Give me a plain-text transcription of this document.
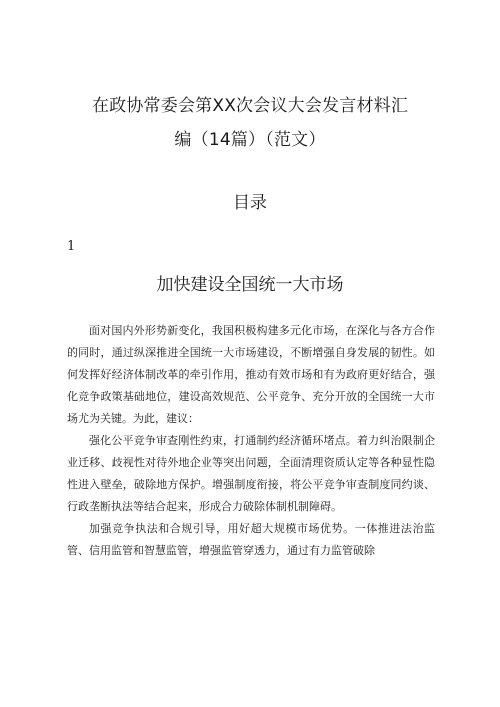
在政协常委会第XX次会议大会发言材料汇
编（14篇）（范文）
目录
1
加快建设全国统一大市场

面对国内外形势新变化，我国积极构建多元化市场，在深化与各方合作的同时，通过纵深推进全国统一大市场建设，不断增强自身发展的韧性。如何发挥好经济体制改革的牵引作用，推动有效市场和有为政府更好结合，强化竞争政策基础地位，建设高效规范、公平竞争、充分开放的全国统一大市场尤为关键。为此，建议：

强化公平竞争审查刚性约束，打通制约经济循环堵点。着力纠治限制企业迁移、歧视性对待外地企业等突出问题，全面清理资质认定等各种显性隐性进入壁垒，破除地方保护。增强制度衔接，将公平竞争审查制度同约谈、行政垄断执法等结合起来，形成合力破除体制机制障碍。

加强竞争执法和合规引导，用好超大规模市场优势。一体推进法治监管、信用监管和智慧监管，增强监管穿透力，通过有力监管破除
